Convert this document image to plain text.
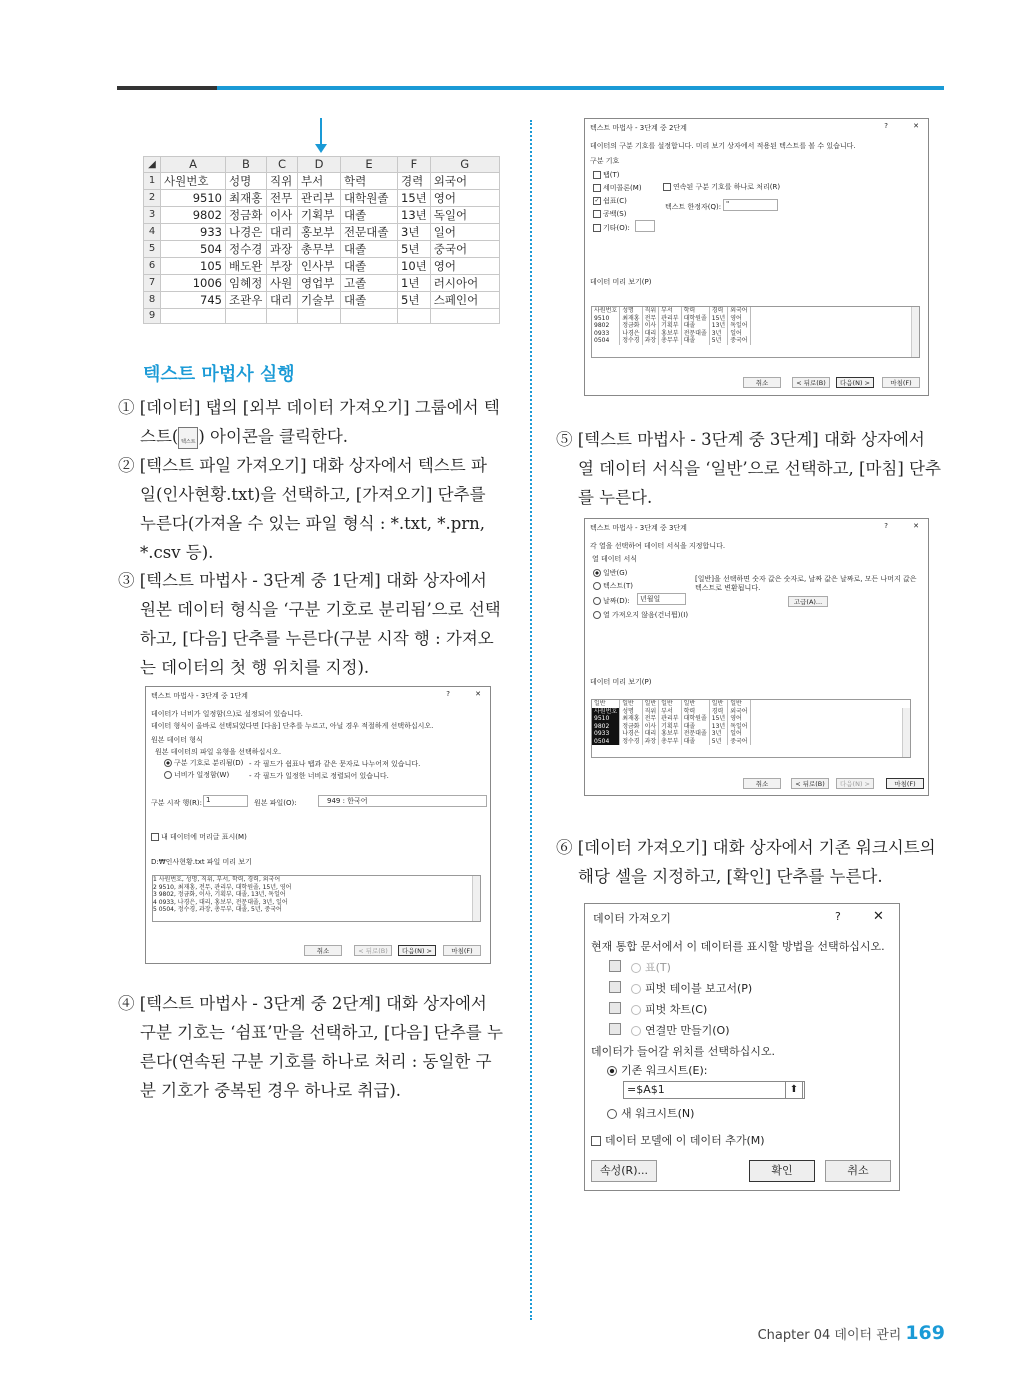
◢	A	B	C	D	E	F	G
1	사원번호	성명	직위	부서	학력	경력	외국어
2	9510	최재홍	전무	관리부	대학원졸	15년	영어
3	9802	정금화	이사	기획부	대졸	13년	독일어
4	933	나경은	대리	홍보부	전문대졸	3년	일어
5	504	정수경	과장	총무부	대졸	5년	중국어
6	105	배도완	부장	인사부	대졸	10년	영어
7	1006	임혜정	사원	영업부	고졸	1년	러시아어
8	745	조관우	대리	기술부	대졸	5년	스페인어
9							
텍스트 마법사 실행
① [데이터] 탭의 [외부 데이터 가져오기] 그룹에서 텍
스트( 텍스트 ) 아이콘을 클릭한다.
② [텍스트 파일 가져오기] 대화 상자에서 텍스트 파
일(인사현황.txt)을 선택하고, [가져오기] 단추를
누른다(가져올 수 있는 파일 형식 : *.txt, *.prn,
*.csv 등).
③ [텍스트 마법사 - 3단계 중 1단계] 대화 상자에서
원본 데이터 형식을 ‘구분 기호로 분리됨’으로 선택
하고, [다음] 단추를 누른다(구분 시작 행 : 가져오
는 데이터의 첫 행 위치를 지정).
텍스트 마법사 - 3단계 중 1단계	?	✕
데이터가 너비가 일정함(으)로 설정되어 있습니다.
데이터 형식이 올바로 선택되었다면 [다음] 단추를 누르고, 아닐 경우 적절하게 선택하십시오.
원본 데이터 형식
원본 데이터의 파일 유형을 선택하십시오.
구분 기호로 분리됨(D) - 각 필드가 쉼표나 탭과 같은 문자로 나누어져 있습니다.
너비가 일정함(W)	- 각 필드가 일정한 너비로 정렬되어 있습니다.
구분 시작 행(R): 1	원본 파일(O):	949 : 한국어
내 데이터에 머리글 표시(M)
D:₩인사현황.txt 파일 미리 보기
1 사원번호, 성명, 직위, 부서, 학력, 경력, 외국어
2 9510, 최재홍, 전무, 관리부, 대학원졸, 15년, 영어
3 9802, 정금화, 이사, 기획부, 대졸, 13년, 독일어
4 0933, 나경은, 대리, 홍보부, 전문대졸, 3년, 일어
5 0504, 정수경, 과장, 총무부, 대졸, 5년, 중국어
취소	< 뒤로(B)	다음(N) >	마침(F)
④ [텍스트 마법사 - 3단계 중 2단계] 대화 상자에서
구분 기호는 ‘쉼표’만을 선택하고, [다음] 단추를 누
른다(연속된 구분 기호를 하나로 처리 : 동일한 구
분 기호가 중복된 경우 하나로 취급).
텍스트 마법사 - 3단계 중 2단계	?	✕
데이터의 구분 기호를 설정합니다. 미리 보기 상자에서 적용된 텍스트를 볼 수 있습니다.
구분 기호
탭(T)
세미콜론(M)
✓ 쉼표(C)
공백(S)
기타(O):
연속된 구분 기호를 하나로 처리(R)
텍스트 한정자(Q): "
데이터 미리 보기(P)
사원번호	성명	직위	부서	학력	경력	외국어
9510	최재홍	전무	관리부	대학원졸	15년	영어
9802	정금화	이사	기획부	대졸	13년	독일어
0933	나경은	대리	홍보부	전문대졸	3년	일어
0504	정수경	과장	총무부	대졸	5년	중국어
취소	< 뒤로(B)	다음(N) >	마침(F)
⑤ [텍스트 마법사 - 3단계 중 3단계] 대화 상자에서
열 데이터 서식을 ‘일반’으로 선택하고, [마침] 단추
를 누른다.
텍스트 마법사 - 3단계 중 3단계	?	✕
각 열을 선택하여 데이터 서식을 지정합니다.
열 데이터 서식
일반(G)
텍스트(T)
날짜(D):	년월일
열 가져오지 않음(건너뜀)(I)
[일반]을 선택하면 숫자 값은 숫자로, 날짜 값은 날짜로, 모든 나머지 값은 텍스트로 변환됩니다.
고급(A)...
데이터 미리 보기(P)
일반	일반	일반	일반	일반	일반	일반
사원번호	성명	직위	부서	학력	경력	외국어
9510	최재홍	전무	관리부	대학원졸	15년	영어
9802	정금화	이사	기획부	대졸	13년	독일어
0933	나경은	대리	홍보부	전문대졸	3년	일어
0504	정수경	과장	총무부	대졸	5년	중국어
취소	< 뒤로(B)	다음(N) >	마침(F)
⑥ [데이터 가져오기] 대화 상자에서 기존 워크시트의
해당 셀을 지정하고, [확인] 단추를 누른다.
데이터 가져오기	? ✕
현재 통합 문서에서 이 데이터를 표시할 방법을 선택하십시오.
표(T)
피벗 테이블 보고서(P)
피벗 차트(C)
연결만 만들기(O)
데이터가 들어갈 위치를 선택하십시오.
기존 워크시트(E):
=$A$1	⬆
새 워크시트(N)
데이터 모델에 이 데이터 추가(M)
속성(R)...	확인	취소
Chapter 04 데이터 관리 169
